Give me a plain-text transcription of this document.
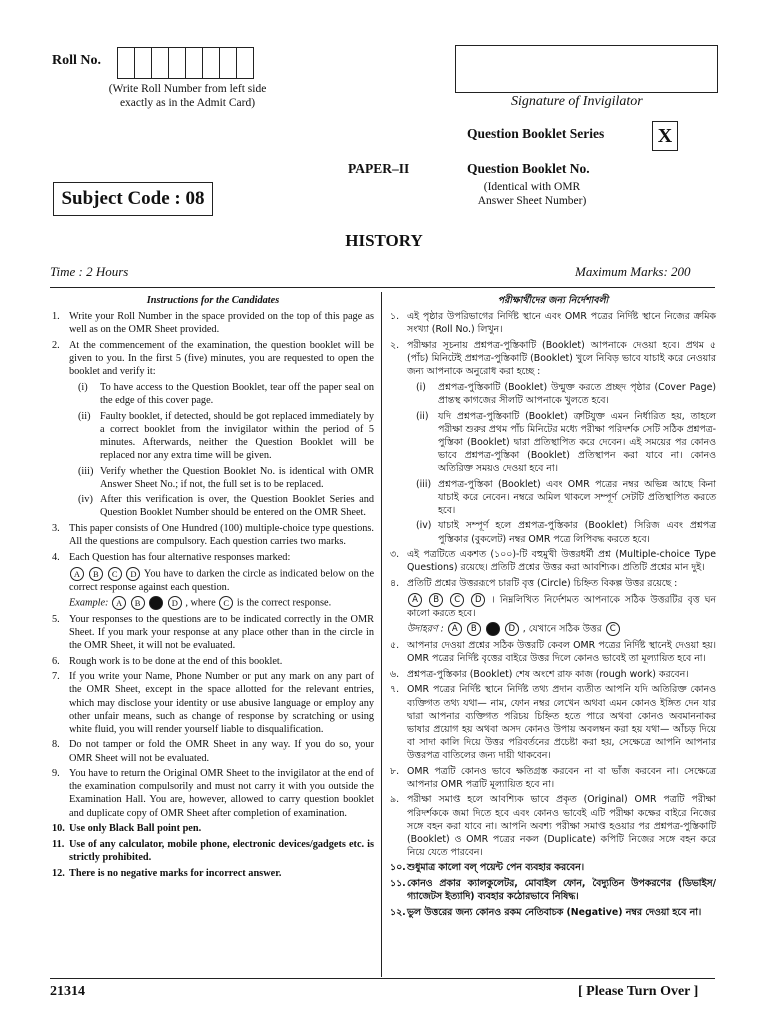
Roll No.
(Write Roll Number from left side
exactly as in the Admit Card)	Signature of Invigilator
Question Booklet Series	X
PAPER–II	Question Booklet No.
(Identical with OMR
Answer Sheet Number)
Subject Code : 08
HISTORY
Time : 2 Hours	Maximum Marks: 200
Instructions for the Candidates
1. Write your Roll Number in the space provided on the top of this page as well as on the OMR Sheet provided.
2. At the commencement of the examination, the question booklet will be given to you. In the first 5 (five) minutes, you are requested to open the booklet and verify it:
(i)	To have access to the Question Booklet, tear off the paper seal on the edge of this cover page.
(ii) Faulty booklet, if detected, should be got replaced immediately by a correct booklet from the invigilator within the period of 5 minutes. Afterwards, neither the Question Booklet will be replaced nor any extra time will be given.
(iii) Verify whether the Question Booklet No. is identical with OMR Answer Sheet No.; if not, the full set is to be replaced.
(iv) After this verification is over, the Question Booklet Series and Question Booklet Number should be entered on the OMR Sheet.
3. This paper consists of One Hundred (100) multiple-choice type questions. All the questions are compulsory. Each question carries two marks.
4. Each Question has four alternative responses marked:
A B C D You have to darken the circle as indicated below on the correct response against each question.
Example: A B	D , where C is the correct response.
5. Your responses to the questions are to be indicated correctly in the OMR Sheet. If you mark your response at any place other than in the circle in the OMR Sheet, it will not be evaluated.
6. Rough work is to be done at the end of this booklet.
7. If you write your Name, Phone Number or put any mark on any part of the OMR Sheet, except in the space allotted for the relevant entries, which may disclose your identity or use abusive language or employ any other unfair means, such as change of response by scratching or using white fluid, you will render yourself liable to disqualification.
8. Do not tamper or fold the OMR Sheet in any way. If you do so, your OMR Sheet will not be evaluated.
9. You have to return the Original OMR Sheet to the invigilator at the end of the examination compulsorily and must not carry it with you outside the Examination Hall. You are, however, allowed to carry question booklet and duplicate copy of OMR Sheet after completion of examination.
10. Use only Black Ball point pen.
11. Use of any calculator, mobile phone, electronic devices/gadgets etc. is strictly prohibited.
12. There is no negative marks for incorrect answer.
পরীক্ষার্থীদের জন্য নির্দেশাবলী
১. এই পৃষ্ঠার উপরিভাগের নির্দিষ্ট স্থানে এবং OMR পত্রের নির্দিষ্ট স্থানে নিজের ক্রমিক সংখ্যা (Roll No.) লিখুন।
২. পরীক্ষার সূচনায় প্রশ্নপত্র-পুস্তিকাটি (Booklet) আপনাকে দেওয়া হবে। প্রথম ৫ (পাঁচ) মিনিটেই প্রশ্নপত্র-পুস্তিকাটি (Booklet) খুলে নিবিড় ভাবে যাচাই করে নেওয়ার জন্য আপনাকে অনুরোধ করা হচ্ছে :
(i)	প্রশ্নপত্র-পুস্তিকাটি (Booklet) উন্মুক্ত করতে প্রচ্ছদ পৃষ্ঠার (Cover Page) প্রান্তস্থ কাগজের সীলটি আপনাকে খুলতে হবে।
(ii)	যদি প্রশ্নপত্র-পুস্তিকাটি (Booklet) ত্রুটিযুক্ত এমন নির্ধারিত হয়, তাহলে পরীক্ষা শুরুর প্রথম পাঁচ মিনিটের মধ্যে পরীক্ষা পরিদর্শক সেটি সঠিক প্রশ্নপত্র-পুস্তিকা (Booklet) দ্বারা প্রতিস্থাপিত করে দেবেন। এই সময়ের পর কোনও ভাবে প্রশ্নপত্র-পুস্তিকা (Booklet) প্রতিস্থাপন করা যাবে না। কোনও অতিরিক্ত সময়ও দেওয়া হবে না।
(iii) প্রশ্নপত্র-পুস্তিকা (Booklet) এবং OMR পত্রের নম্বর অভিন্ন আছে কিনা যাচাই করে নেবেন। নম্বরে অমিল থাকলে সম্পূর্ণ সেটটি প্রতিস্থাপিত করতে হবে।
(iv) যাচাই সম্পূর্ণ হলে প্রশ্নপত্র-পুস্তিকার (Booklet) সিরিজ এবং প্রশ্নপত্র পুস্তিকার (বুকলেট) নম্বর OMR পত্রে লিপিবদ্ধ করতে হবে।
৩. এই পত্রটিতে একশত (১০০)-টি বহুমুখী উত্তরধর্মী প্রশ্ন (Multiple-choice Type Questions) রয়েছে। প্রতিটি প্রশ্নের উত্তর করা আবশ্যিক। প্রতিটি প্রশ্নের মান দুই।
৪. প্রতিটি প্রশ্নের উত্তররূপে চারটি বৃত্ত (Circle) চিহ্নিত বিকল্প উত্তর রয়েছে :
A B C D । নিম্নলিখিত নির্দেশমত আপনাকে সঠিক উত্তরটির বৃত্ত ঘন কালো করতে হবে।
উদাহরণ : A B	D , যেখানে সঠিক উত্তর C
৫. আপনার দেওয়া প্রশ্নের সঠিক উত্তরটি কেবল OMR পত্রের নির্দিষ্ট স্থানেই দেওয়া হয়। OMR পত্রের নির্দিষ্ট বৃত্তের বাইরে উত্তর দিলে কোনও ভাবেই তা মূল্যায়িত হবে না।
৬. প্রশ্নপত্র-পুস্তিকার (Booklet) শেষ অংশে রাফ কাজ (rough work) করবেন।
৭. OMR পত্রের নির্দিষ্ট স্থানে নির্দিষ্ট তথ্য প্রদান ব্যতীত আপনি যদি অতিরিক্ত কোনও ব্যক্তিগত তথ্য যথা— নাম, ফোন নম্বর লেখেন অথবা এমন কোনও ইঙ্গিত দেন যার দ্বারা আপনার ব্যক্তিগত পরিচয় চিহ্নিত হতে পারে অথবা কোনও অবমাননাকর ভাষার প্রয়োগ হয় অথবা অসদ কোনও উপায় অবলম্বন করা হয় যথা— আঁচড় দিয়ে বা সাদা কালি দিয়ে উত্তর পরিবর্তনের প্রচেষ্টা করা হয়, সেক্ষেত্রে আপনি আপনার উত্তরপত্র বাতিলের জন্য দায়ী থাকবেন।
৮. OMR পত্রটি কোনও ভাবে ক্ষতিগ্রস্ত করবেন না বা ভাঁজ করবেন না। সেক্ষেত্রে আপনার OMR পত্রটি মূল্যায়িত হবে না।
৯. পরীক্ষা সমাপ্ত হলে আবশ্যিক ভাবে প্রকৃত (Original) OMR পত্রটি পরীক্ষা পরিদর্শককে জমা দিতে হবে এবং কোনও ভাবেই এটি পরীক্ষা কক্ষের বাইরে নিজের সঙ্গে বহন করা যাবে না। আপনি অবশ্য পরীক্ষা সমাপ্ত হওয়ার পর প্রশ্নপত্র-পুস্তিকাটি (Booklet) ও OMR পত্রের নকল (Duplicate) কপিটি নিজের সঙ্গে বহন করে নিয়ে যেতে পারবেন।
১০. শুধুমাত্র কালো বল্ পয়েন্ট পেন ব্যবহার করবেন।
১১. কোনও প্রকার ক্যালকুলেটর, মোবাইল ফোন, বৈদ্যুতিন উপকরণের (ডিভাইস/গ্যাজেটস ইত্যাদি) ব্যবহার কঠোরভাবে নিষিদ্ধ।
১২. ভুল উত্তরের জন্য কোনও রকম নেতিবাচক (Negative) নম্বর দেওয়া হবে না।
21314	[ Please Turn Over ]
